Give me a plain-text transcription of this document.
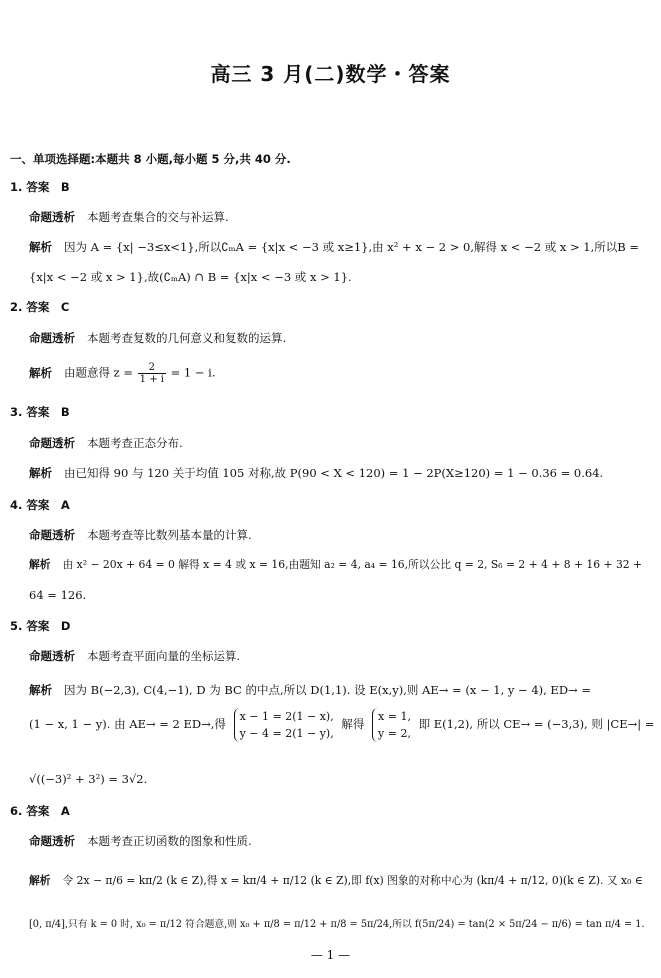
高三 3 月(二)数学・答案
一、单项选择题:本题共 8 小题,每小题 5 分,共 40 分.
1. 答案　B
命题透析 本题考查集合的交与补运算.
解析 因为 A = {x| −3≤x<1},所以∁ₘA = {x|x < −3 或 x≥1},由 x² + x − 2 > 0,解得 x < −2 或 x > 1,所以B =
{x|x < −2 或 x > 1},故(∁ₘA) ∩ B = {x|x < −3 或 x > 1}.
2. 答案　C
命题透析 本题考查复数的几何意义和复数的运算.
解析 由题意得 $z = \frac{2}{1 + i} = 1 - i$.
3. 答案　B
命题透析 本题考查正态分布.
解析 由已知得 90 与 120 关于均值 105 对称,故 P(90 < X < 120) = 1 − 2P(X≥120) = 1 − 0.36 = 0.64.
4. 答案　A
命题透析 本题考查等比数列基本量的计算.
解析 由 x² − 20x + 64 = 0 解得 x = 4 或 x = 16,由题知 a₂ = 4, a₄ = 16,所以公比 q = 2, S₆ = 2 + 4 + 8 + 16 + 32 +
64 = 126.
5. 答案　D
命题透析 本题考查平面向量的坐标运算.
解析 因为 B(−2,3), C(4,−1), D 为 BC 的中点,所以 D(1,1). 设 E(x,y),则 AE→ = (x − 1, y − 4), ED→ =
(1 − x, 1 − y). 由 AE→ = 2 ED→,得
x − 1 = 2(1 − x),
y − 4 = 2(1 − y),
解得
x = 1,
y = 2,
即 E(1,2), 所以 CE→ = (−3,3), 则 |CE→| =
√((−3)² + 3²) = 3√2.
6. 答案　A
命题透析 本题考查正切函数的图象和性质.
解析 令 2x − π/6 = kπ/2 (k ∈ Z),得 x = kπ/4 + π/12 (k ∈ Z),即 f(x) 图象的对称中心为 (kπ/4 + π/12, 0)(k ∈ Z). 又 x₀ ∈
[0, π/4],只有 k = 0 时, x₀ = π/12 符合题意,则 x₀ + π/8 = π/12 + π/8 = 5π/24,所以 f(5π/24) = tan(2 × 5π/24 − π/6) = tan π/4 = 1.
— 1 —
